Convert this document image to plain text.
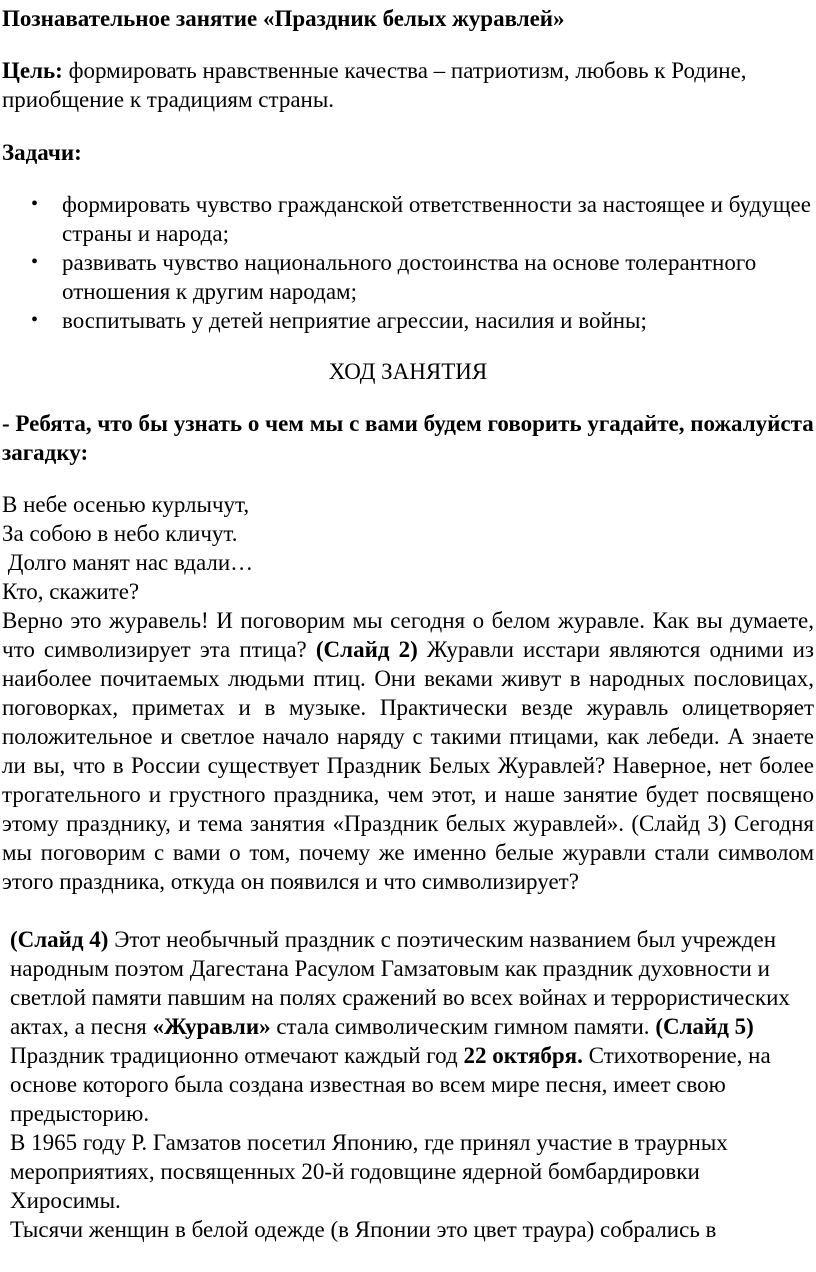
Познавательное занятие «Праздник белых журавлей»

Цель: формировать нравственные качества – патриотизм, любовь к Родине, приобщение к традициям страны.

Задачи:

• формировать чувство гражданской ответственности за настоящее и будущее страны и народа;
• развивать чувство национального достоинства на основе толерантного отношения к другим народам;
• воспитывать у детей неприятие агрессии, насилия и войны;

ХОД ЗАНЯТИЯ

- Ребята, что бы узнать о чем мы с вами будем говорить угадайте, пожалуйста загадку:

В небе осенью курлычут,

За собою в небо кличут.

Долго манят нас вдали…

Кто, скажите?

Верно это журавель! И поговорим мы сегодня о белом журавле. Как вы думаете, что символизирует эта птица? (Слайд 2) Журавли исстари являются одними из наиболее почитаемых людьми птиц. Они веками живут в народных пословицах, поговорках, приметах и в музыке. Практически везде журавль олицетворяет положительное и светлое начало наряду с такими птицами, как лебеди. А знаете ли вы, что в России существует Праздник Белых Журавлей? Наверное, нет более трогательного и грустного праздника, чем этот, и наше занятие будет посвящено этому празднику, и тема занятия «Праздник белых журавлей». (Слайд 3) Сегодня мы поговорим с вами о том, почему же именно белые журавли стали символом этого праздника, откуда он появился и что символизирует?

(Слайд 4) Этот необычный праздник с поэтическим названием был учрежден народным поэтом Дагестана Расулом Гамзатовым как праздник духовности и светлой памяти павшим на полях сражений во всех войнах и террористических актах, а песня «Журавли» стала символическим гимном памяти. (Слайд 5) Праздник традиционно отмечают каждый год 22 октября. Стихотворение, на основе которого была создана известная во всем мире песня, имеет свою предысторию.

В 1965 году Р. Гамзатов посетил Японию, где принял участие в траурных мероприятиях, посвященных 20-й годовщине ядерной бомбардировки Хиросимы.

Тысячи женщин в белой одежде (в Японии это цвет траура) собрались в
